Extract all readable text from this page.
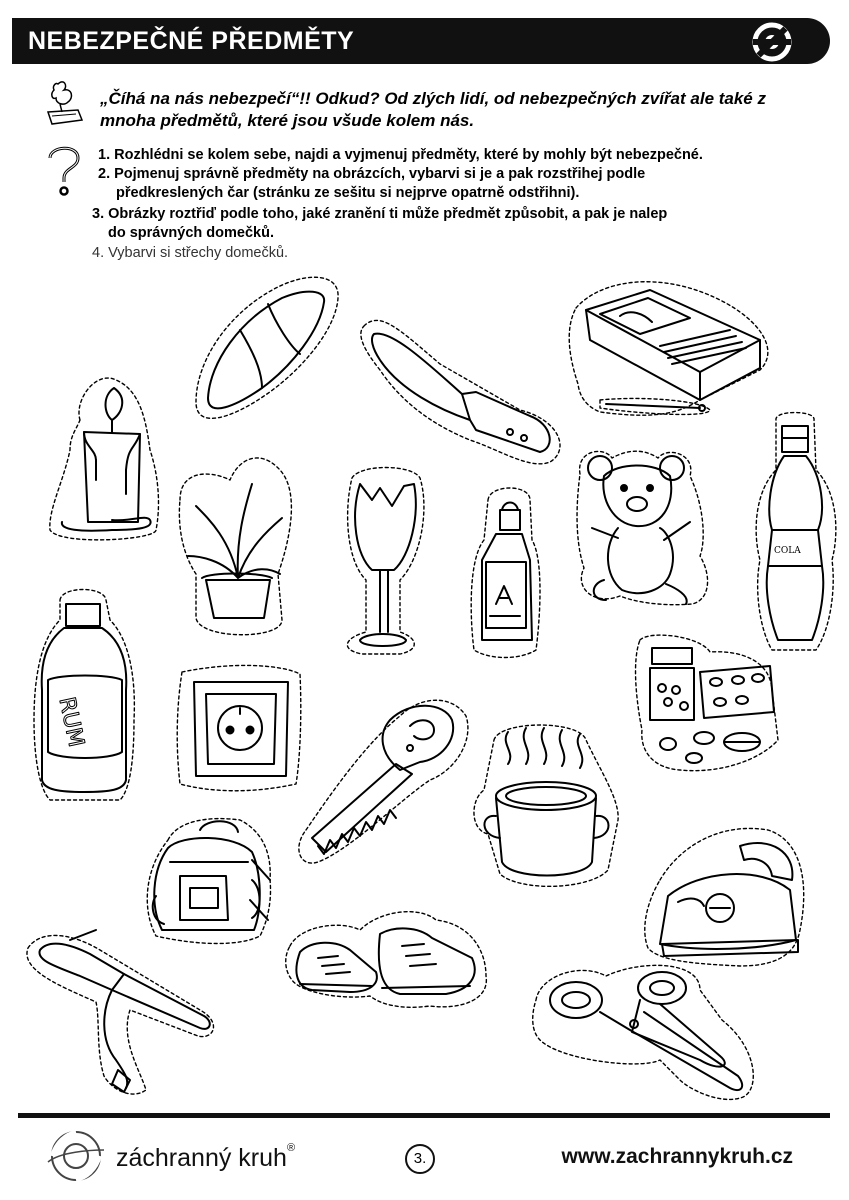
NEBEZPEČNÉ PŘEDMĚTY
„Číhá na nás nebezpečí“!! Odkud? Od zlých lidí, od nebezpečných zvířat ale také z mnoha předmětů, které jsou všude kolem nás.
1. Rozhlédni se kolem sebe, najdi a vyjmenuj předměty, které by mohly být nebezpečné.
2. Pojmenuj správně předměty na obrázcích, vybarvi si je a pak rozstřihej podle
předkreslených čar (stránku ze sešitu si nejprve opatrně odstřihni).
3. Obrázky roztřiď podle toho, jaké zranění ti může předmět způsobit, a pak je nalep
do správných domečků.
4. Vybarvi si střechy domečků.
COLA
RUM
záchranný kruh®
3.	www.zachrannykruh.cz
